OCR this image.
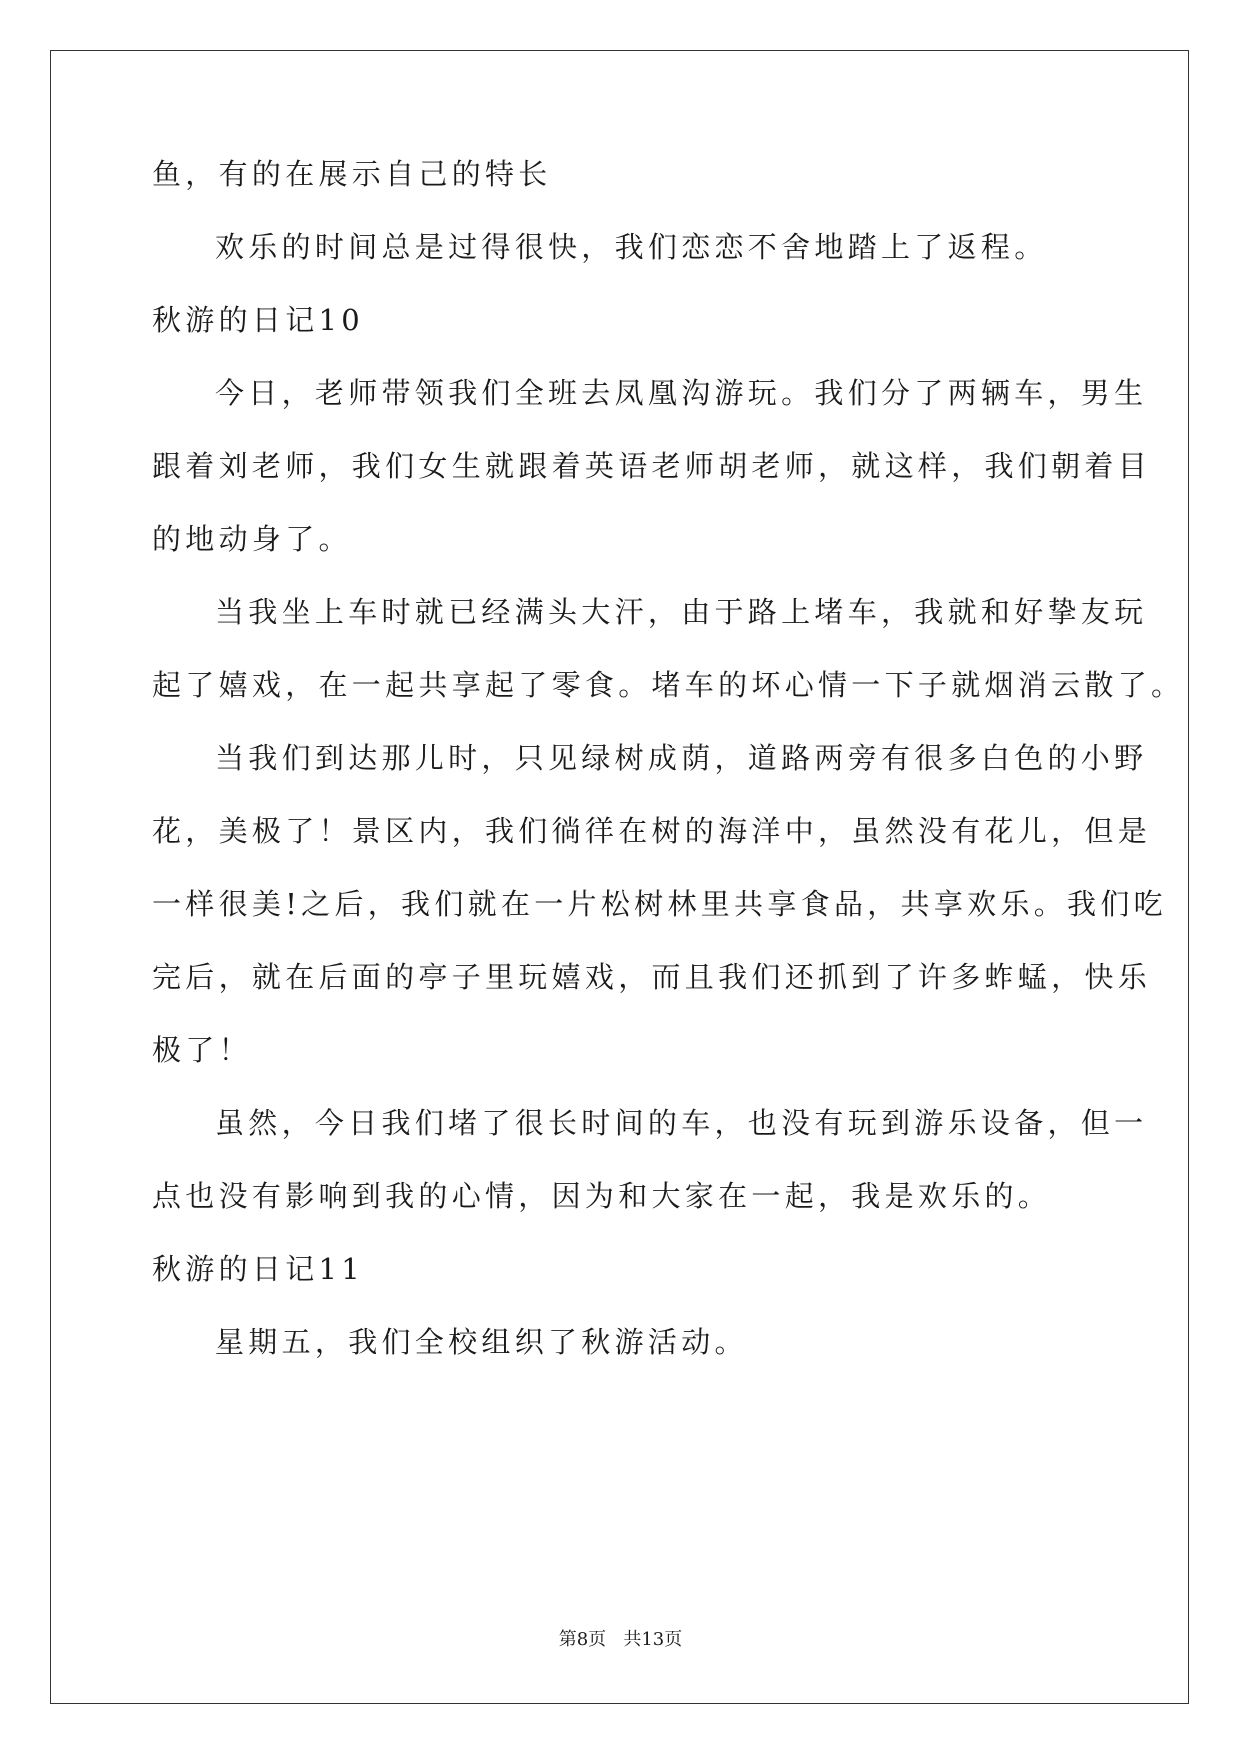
鱼，有的在展示自己的特长
欢乐的时间总是过得很快，我们恋恋不舍地踏上了返程。
秋游的日记10
今日，老师带领我们全班去凤凰沟游玩。我们分了两辆车，男生
跟着刘老师，我们女生就跟着英语老师胡老师，就这样，我们朝着目
的地动身了。
当我坐上车时就已经满头大汗，由于路上堵车，我就和好挚友玩
起了嬉戏，在一起共享起了零食。堵车的坏心情一下子就烟消云散了。
当我们到达那儿时，只见绿树成荫，道路两旁有很多白色的小野
花，美极了！景区内，我们徜徉在树的海洋中，虽然没有花儿，但是
一样很美!之后，我们就在一片松树林里共享食品，共享欢乐。我们吃
完后，就在后面的亭子里玩嬉戏，而且我们还抓到了许多蚱蜢，快乐
极了！
虽然，今日我们堵了很长时间的车，也没有玩到游乐设备，但一
点也没有影响到我的心情，因为和大家在一起，我是欢乐的。
秋游的日记11
星期五，我们全校组织了秋游活动。
第8页   共13页
